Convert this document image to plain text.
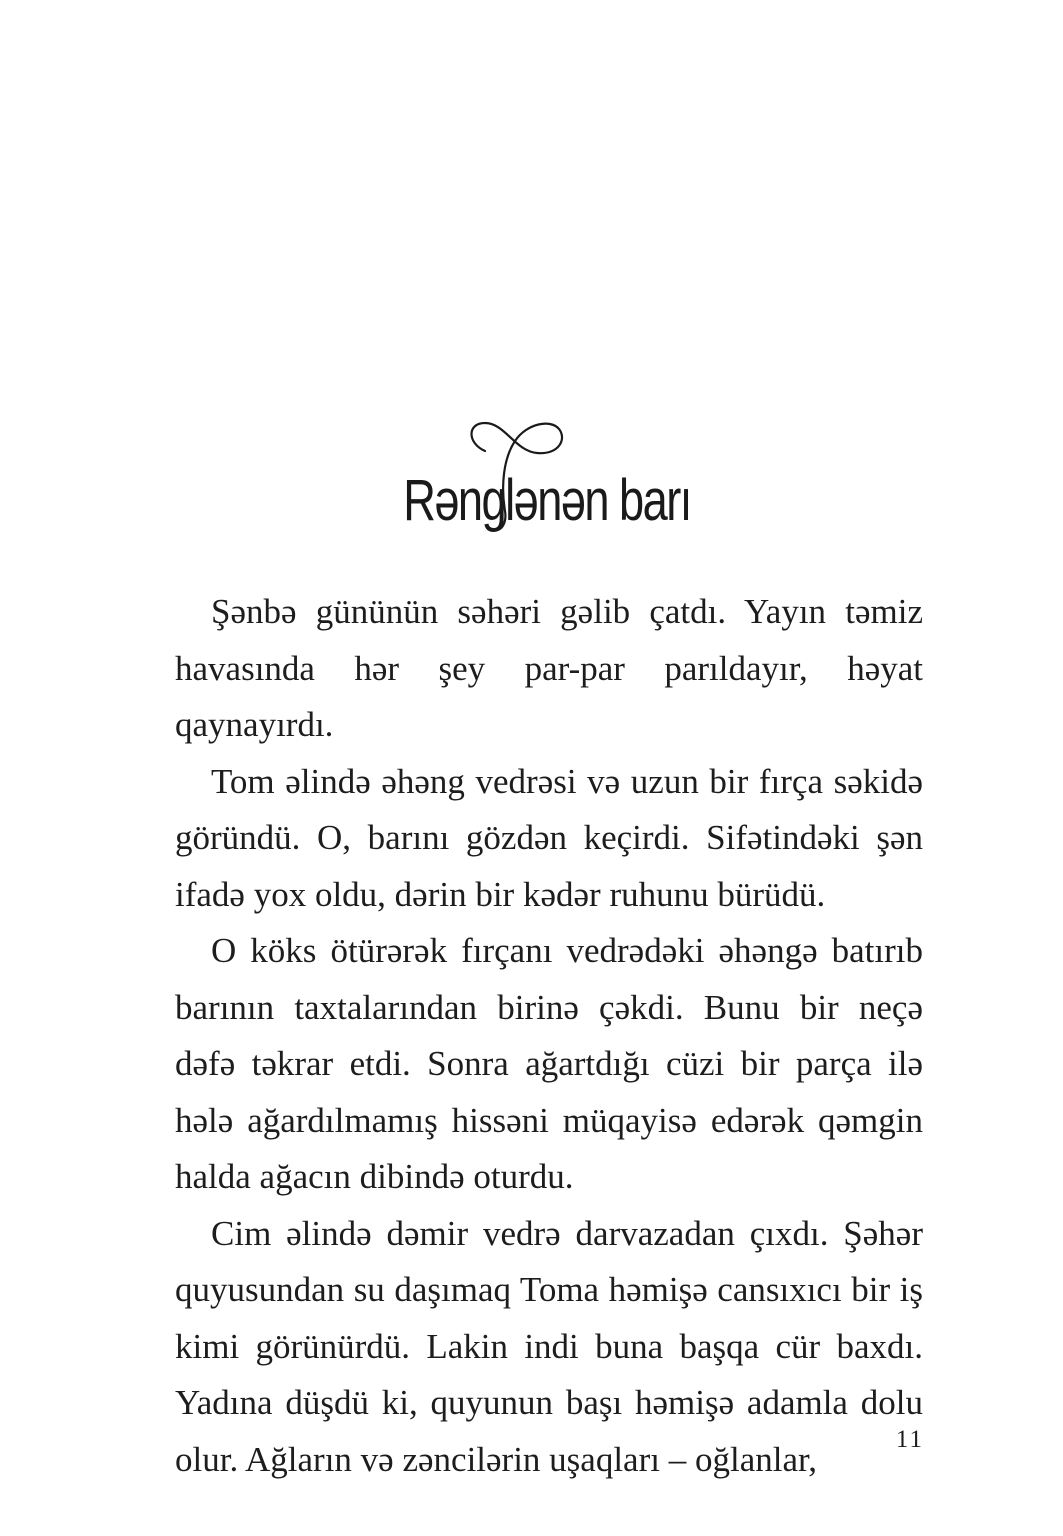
Rənglənən barı

Şənbə gününün səhəri gəlib çatdı. Yayın təmiz havasında hər şey par-par parıldayır, həyat qaynayırdı.

Tom əlində əhəng vedrəsi və uzun bir fırça səkidə göründü. O, barını gözdən keçirdi. Sifətindəki şən ifadə yox oldu, dərin bir kədər ruhunu bürüdü.

O köks ötürərək fırçanı vedrədəki əhəngə batırıb barının taxtalarından birinə çəkdi. Bunu bir neçə dəfə təkrar etdi. Sonra ağartdığı cüzi bir parça ilə hələ ağardılmamış hissəni müqayisə edərək qəmgin halda ağacın dibində oturdu.

Cim əlində dəmir vedrə darvazadan çıxdı. Şəhər quyusundan su daşımaq Toma həmişə cansıxıcı bir iş kimi görünürdü. Lakin indi buna başqa cür baxdı. Yadına düşdü ki, quyunun başı həmişə adamla dolu olur. Ağların və zəncilərin uşaqları – oğlanlar,	11
